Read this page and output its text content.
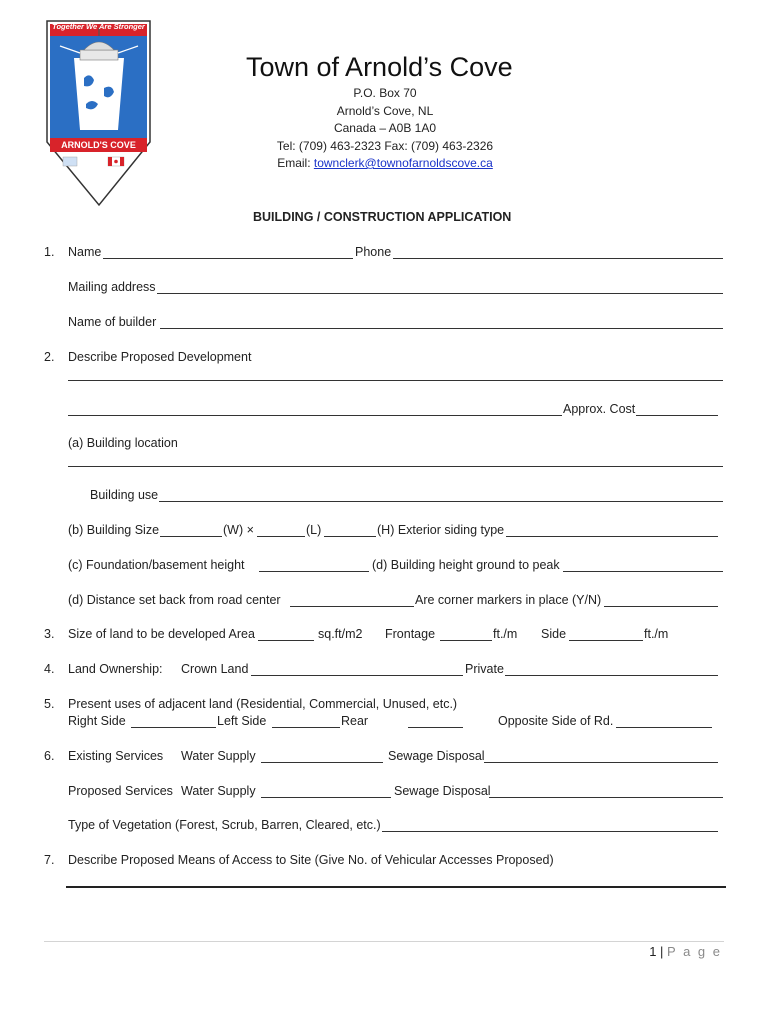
Together We Are Stronger
ARNOLD'S COVE
Town of Arnold’s Cove
P.O. Box 70
Arnold’s Cove, NL
Canada – A0B 1A0
Tel: (709) 463-2323 Fax: (709) 463-2326
Email: townclerk@townofarnoldscove.ca
BUILDING / CONSTRUCTION APPLICATION
1. Name	Phone
Mailing address
Name of builder
2. Describe Proposed Development
Approx. Cost
(a) Building location
Building use
(b) Building Size	(W) ×	(L)	(H) Exterior siding type
(c) Foundation/basement height	(d) Building height ground to peak
(d) Distance set back from road center	Are corner markers in place (Y/N)
3. Size of land to be developed Area	sq.ft/m2 Frontage	ft./m Side	ft./m
4. Land Ownership: Crown Land	Private
5. Present uses of adjacent land (Residential, Commercial, Unused, etc.)
Right Side	Left Side	Rear	Opposite Side of Rd.
6. Existing Services Water Supply	Sewage Disposal
Proposed Services Water Supply	Sewage Disposal
Type of Vegetation (Forest, Scrub, Barren, Cleared, etc.)
7. Describe Proposed Means of Access to Site (Give No. of Vehicular Accesses Proposed)
1 | P a g e
